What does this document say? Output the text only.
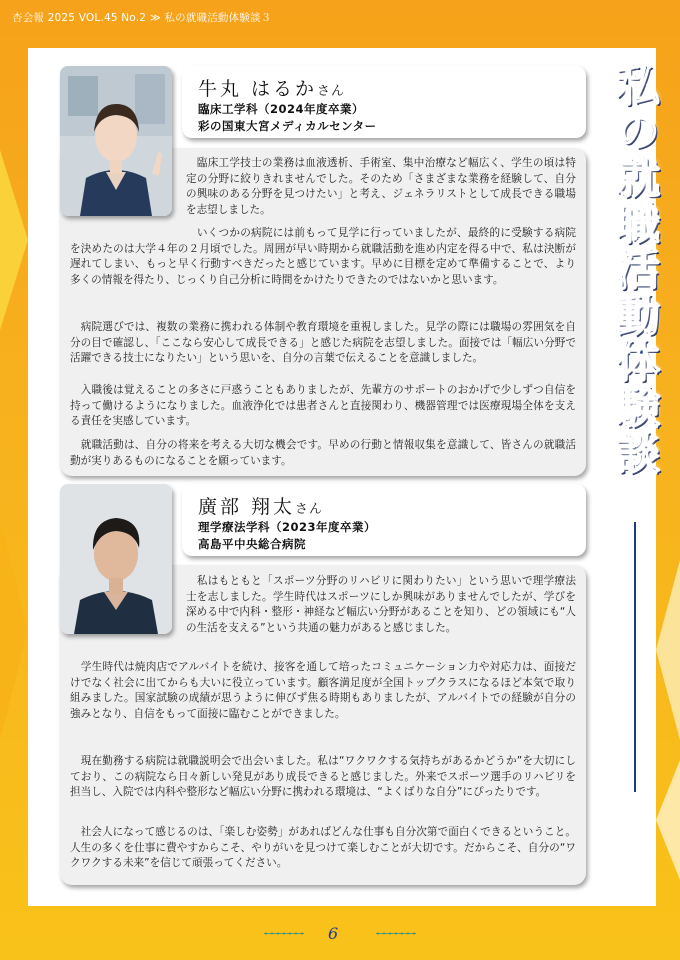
杏会報 2025 VOL.45 No.2 ≫ 私の就職活動体験談３
私の就職活動体験談
牛丸 はるかさん
臨床工学科（2024年度卒業）
彩の国東大宮メディカルセンター

　臨床工学技士の業務は血液透析、手術室、集中治療など幅広く、学生の頃は特定の分野に絞りきれませんでした。そのため「さまざまな業務を経験して、自分の興味のある分野を見つけたい」と考え、ジェネラリストとして成長できる職場を志望しました。

　いくつかの病院には前もって見学に行っていましたが、最終的に受験する病院を決めたのは大学４年の２月頃でした。周囲が早い時期から就職活動を進め内定を得る中で、私は決断が遅れてしまい、もっと早く行動すべきだったと感じています。早めに目標を定めて準備することで、より多くの情報を得たり、じっくり自己分析に時間をかけたりできたのではないかと思います。

　病院選びでは、複数の業務に携われる体制や教育環境を重視しました。見学の際には職場の雰囲気を自分の目で確認し、「ここなら安心して成長できる」と感じた病院を志望しました。面接では「幅広い分野で活躍できる技士になりたい」という思いを、自分の言葉で伝えることを意識しました。

　入職後は覚えることの多さに戸惑うこともありましたが、先輩方のサポートのおかげで少しずつ自信を持って働けるようになりました。血液浄化では患者さんと直接関わり、機器管理では医療現場全体を支える責任を実感しています。

　就職活動は、自分の将来を考える大切な機会です。早めの行動と情報収集を意識して、皆さんの就職活動が実りあるものになることを願っています。

廣部 翔太さん
理学療法学科（2023年度卒業）
高島平中央総合病院

　私はもともと「スポーツ分野のリハビリに関わりたい」という思いで理学療法士を志しました。学生時代はスポーツにしか興味がありませんでしたが、学びを深める中で内科・整形・神経など幅広い分野があることを知り、どの領域にも“人の生活を支える”という共通の魅力があると感じました。

　学生時代は焼肉店でアルバイトを続け、接客を通して培ったコミュニケーション力や対応力は、面接だけでなく社会に出てからも大いに役立っています。顧客満足度が全国トップクラスになるほど本気で取り組みました。国家試験の成績が思うように伸びず焦る時期もありましたが、アルバイトでの経験が自分の強みとなり、自信をもって面接に臨むことができました。

　現在勤務する病院は就職説明会で出会いました。私は“ワクワクする気持ちがあるかどうか”を大切にしており、この病院なら日々新しい発見があり成長できると感じました。外来でスポーツ選手のリハビリを担当し、入院では内科や整形など幅広い分野に携われる環境は、“よくばりな自分”にぴったりです。

　社会人になって感じるのは、「楽しむ姿勢」があればどんな仕事も自分次第で面白くできるということ。人生の多くを仕事に費やすからこそ、やりがいを見つけて楽しむことが大切です。だからこそ、自分の“ワクワクする未来”を信じて頑張ってください。

6
